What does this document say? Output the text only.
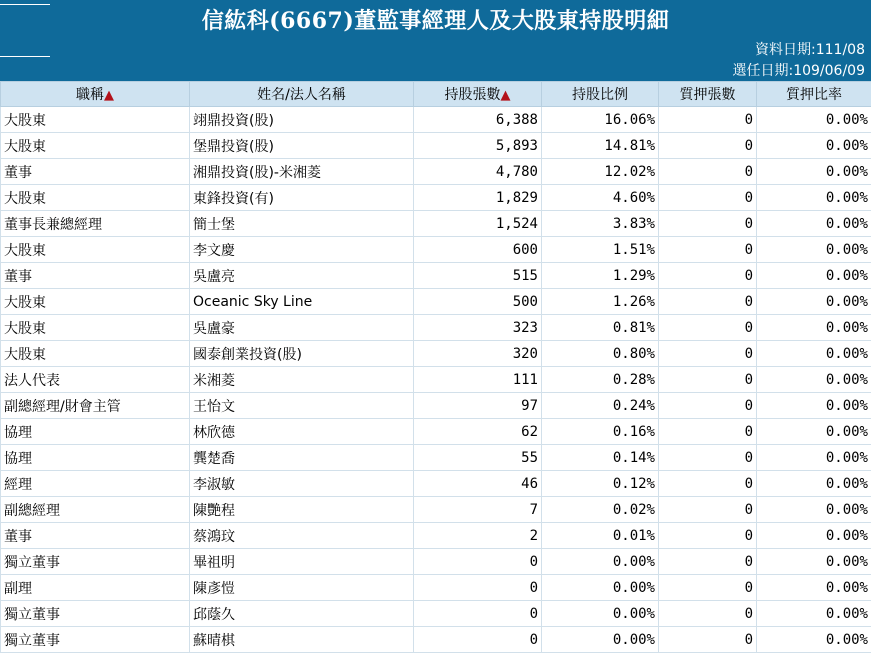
信紘科(6667)董監事經理人及大股東持股明細
資料日期:111/08
選任日期:109/06/09
職稱▲	姓名/法人名稱	持股張數▲	持股比例	質押張數	質押比率
大股東	翊鼎投資(股)	6,388	16.06%	0	0.00%
大股東	堡鼎投資(股)	5,893	14.81%	0	0.00%
董事	湘鼎投資(股)-米湘菱	4,780	12.02%	0	0.00%
大股東	東鋒投資(有)	1,829	4.60%	0	0.00%
董事長兼總經理	簡士堡	1,524	3.83%	0	0.00%
大股東	李文慶	600	1.51%	0	0.00%
董事	吳盧亮	515	1.29%	0	0.00%
大股東	Oceanic Sky Line	500	1.26%	0	0.00%
大股東	吳盧豪	323	0.81%	0	0.00%
大股東	國泰創業投資(股)	320	0.80%	0	0.00%
法人代表	米湘菱	111	0.28%	0	0.00%
副總經理/財會主管	王怡文	97	0.24%	0	0.00%
協理	林欣德	62	0.16%	0	0.00%
協理	龔楚喬	55	0.14%	0	0.00%
經理	李淑敏	46	0.12%	0	0.00%
副總經理	陳艷程	7	0.02%	0	0.00%
董事	蔡鴻玟	2	0.01%	0	0.00%
獨立董事	畢祖明	0	0.00%	0	0.00%
副理	陳彥愷	0	0.00%	0	0.00%
獨立董事	邱蔭久	0	0.00%	0	0.00%
獨立董事	蘇晴棋	0	0.00%	0	0.00%
